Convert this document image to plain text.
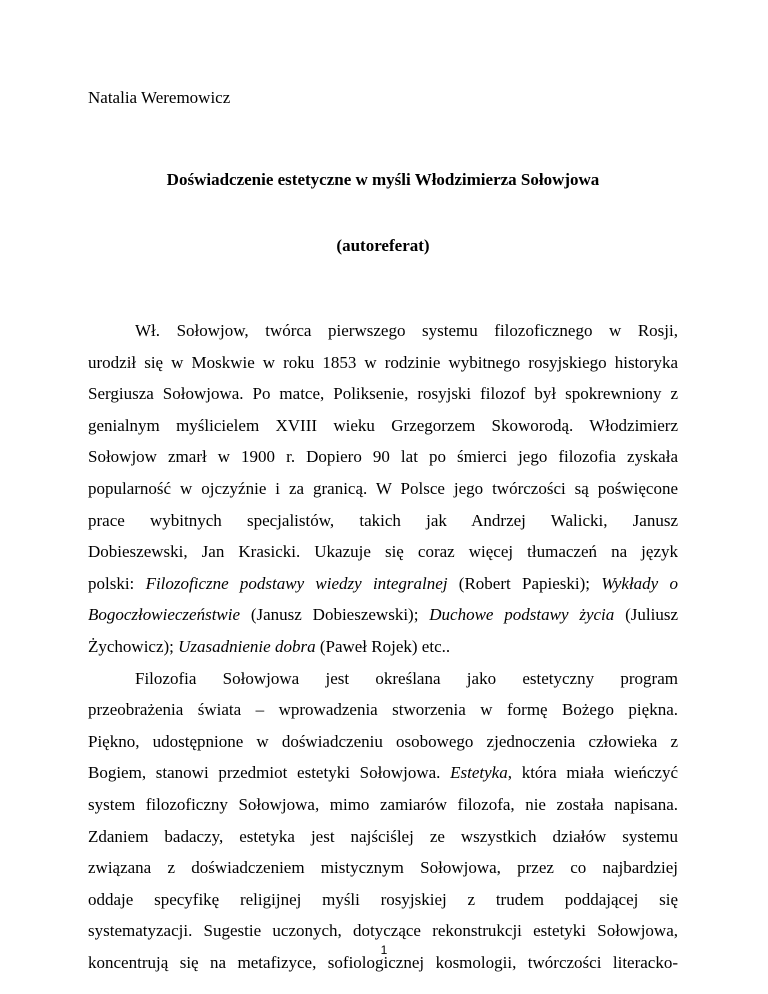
Natalia Weremowicz
Doświadczenie estetyczne w myśli Włodzimierza Sołowjowa
(autoreferat)
Wł. Sołowjow, twórca pierwszego systemu filozoficznego w Rosji,
urodził się w Moskwie w roku 1853 w rodzinie wybitnego rosyjskiego historyka
Sergiusza Sołowjowa. Po matce, Poliksenie, rosyjski filozof był spokrewniony z
genialnym myślicielem XVIII wieku Grzegorzem Skoworodą. Włodzimierz
Sołowjow zmarł w 1900 r. Dopiero 90 lat po śmierci jego filozofia zyskała
popularność w ojczyźnie i za granicą. W Polsce jego twórczości są poświęcone
prace wybitnych specjalistów, takich jak Andrzej Walicki, Janusz
Dobieszewski, Jan Krasicki. Ukazuje się coraz więcej tłumaczeń na język
polski: Filozoficzne podstawy wiedzy integralnej (Robert Papieski); Wykłady o
Bogoczłowieczeństwie (Janusz Dobieszewski); Duchowe podstawy życia (Juliusz
Żychowicz); Uzasadnienie dobra (Paweł Rojek) etc..
Filozofia Sołowjowa jest określana jako estetyczny program
przeobrażenia świata – wprowadzenia stworzenia w formę Bożego piękna.
Piękno, udostępnione w doświadczeniu osobowego zjednoczenia człowieka z
Bogiem, stanowi przedmiot estetyki Sołowjowa. Estetyka, która miała wieńczyć
system filozoficzny Sołowjowa, mimo zamiarów filozofa, nie została napisana.
Zdaniem badaczy, estetyka jest najściślej ze wszystkich działów systemu
związana z doświadczeniem mistycznym Sołowjowa, przez co najbardziej
oddaje specyfikę religijnej myśli rosyjskiej z trudem poddającej się
systematyzacji. Sugestie uczonych, dotyczące rekonstrukcji estetyki Sołowjowa,
koncentrują się na metafizyce, sofiologicznej kosmologii, twórczości literacko-
1
